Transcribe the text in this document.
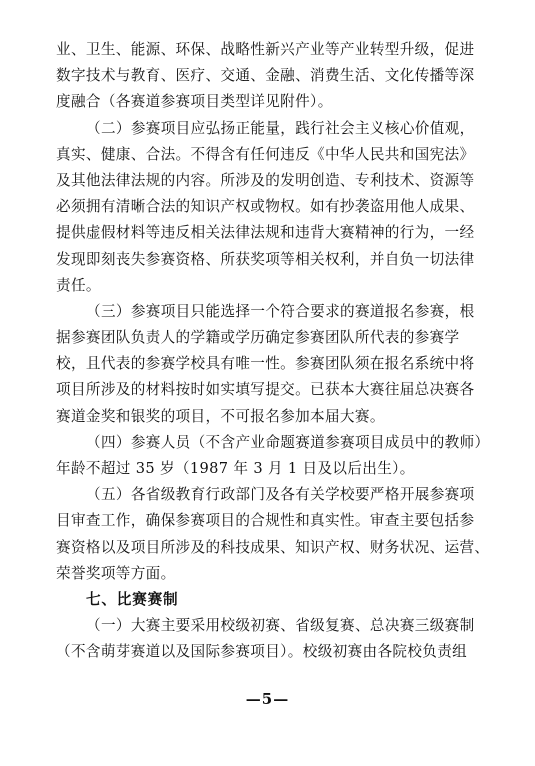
业、卫生、能源、环保、战略性新兴产业等产业转型升级，促进
数字技术与教育、医疗、交通、金融、消费生活、文化传播等深
度融合（各赛道参赛项目类型详见附件）。
（二）参赛项目应弘扬正能量，践行社会主义核心价值观，
真实、健康、合法。不得含有任何违反《中华人民共和国宪法》
及其他法律法规的内容。所涉及的发明创造、专利技术、资源等
必须拥有清晰合法的知识产权或物权。如有抄袭盗用他人成果、
提供虚假材料等违反相关法律法规和违背大赛精神的行为，一经
发现即刻丧失参赛资格、所获奖项等相关权利，并自负一切法律
责任。
（三）参赛项目只能选择一个符合要求的赛道报名参赛，根
据参赛团队负责人的学籍或学历确定参赛团队所代表的参赛学
校，且代表的参赛学校具有唯一性。参赛团队须在报名系统中将
项目所涉及的材料按时如实填写提交。已获本大赛往届总决赛各
赛道金奖和银奖的项目，不可报名参加本届大赛。
（四）参赛人员（不含产业命题赛道参赛项目成员中的教师）
年龄不超过 35 岁（1987 年 3 月 1 日及以后出生）。
（五）各省级教育行政部门及各有关学校要严格开展参赛项
目审查工作，确保参赛项目的合规性和真实性。审查主要包括参
赛资格以及项目所涉及的科技成果、知识产权、财务状况、运营、
荣誉奖项等方面。
七、比赛赛制
（一）大赛主要采用校级初赛、省级复赛、总决赛三级赛制
（不含萌芽赛道以及国际参赛项目）。校级初赛由各院校负责组
—5—
